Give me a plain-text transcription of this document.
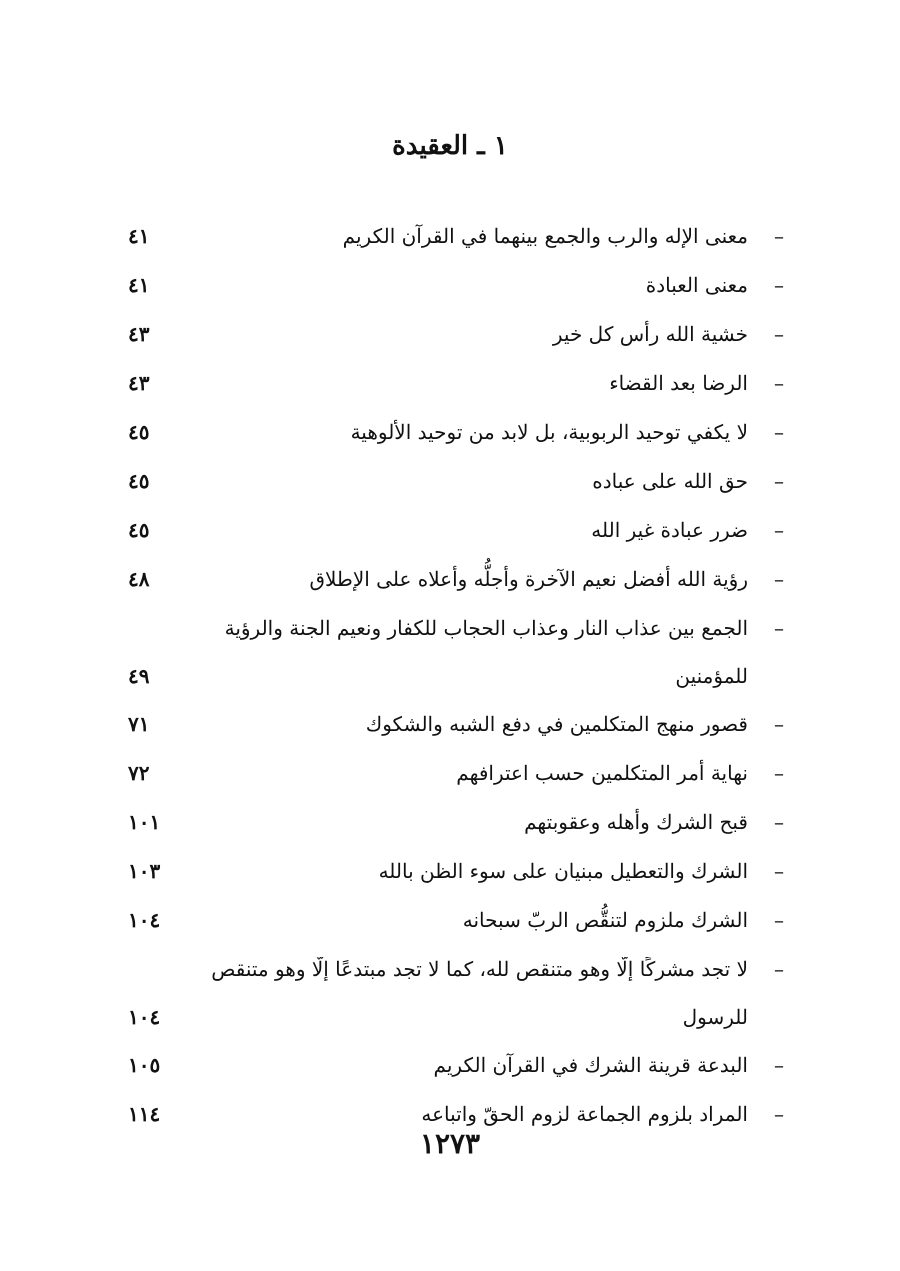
١ ـ العقيدة
–
معنى الإله والرب والجمع بينهما في القرآن الكريم
٤١
–
معنى العبادة
٤١
–
خشية الله رأس كل خير
٤٣
–
الرضا بعد القضاء
٤٣
–
لا يكفي توحيد الربوبية، بل لابد من توحيد الألوهية
٤٥
–
حق الله على عباده
٤٥
–
ضرر عبادة غير الله
٤٥
–
رؤية الله أفضل نعيم الآخرة وأجلُّه وأعلاه على الإطلاق
٤٨
–
الجمع بين عذاب النار وعذاب الحجاب للكفار ونعيم الجنة والرؤية
للمؤمنين
٤٩
–
قصور منهج المتكلمين في دفع الشبه والشكوك
٧١
–
نهاية أمر المتكلمين حسب اعترافهم
٧٢
–
قبح الشرك وأهله وعقوبتهم
١٠١
–
الشرك والتعطيل مبنيان على سوء الظن بالله
١٠٣
–
الشرك ملزوم لتنقُّص الربّ سبحانه
١٠٤
–
لا تجد مشركًا إلّا وهو متنقص لله، كما لا تجد مبتدعًا إلّا وهو متنقص
للرسول
١٠٤
–
البدعة قرينة الشرك في القرآن الكريم
١٠٥
–
المراد بلزوم الجماعة لزوم الحقّ واتباعه
١١٤
١٢٧٣
